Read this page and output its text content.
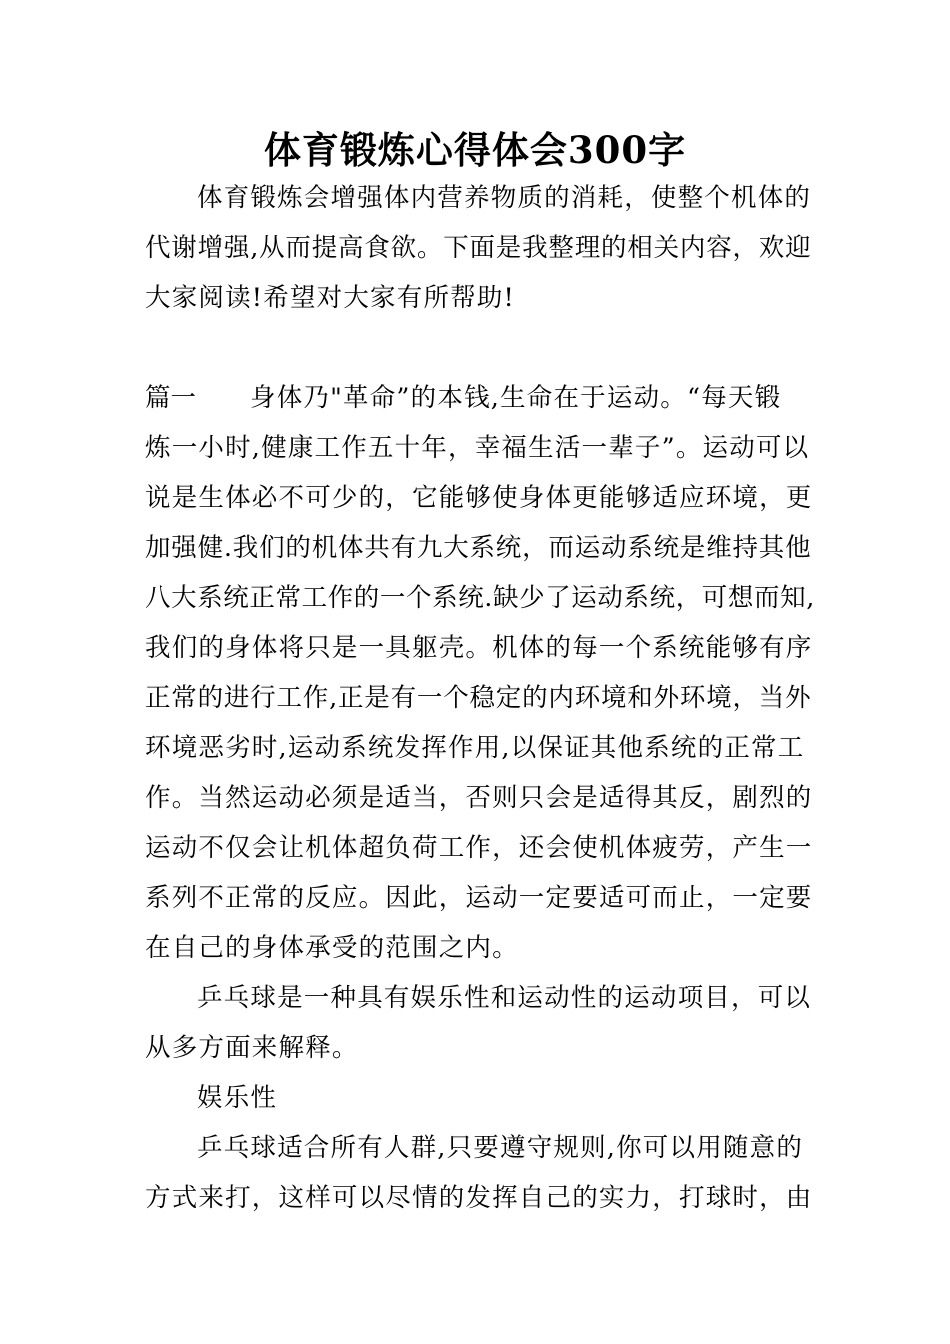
体育锻炼心得体会300字
体育锻炼会增强体内营养物质的消耗，使整个机体的
代谢增强,从而提高食欲。下面是我整理的相关内容，欢迎
大家阅读!希望对大家有所帮助!
篇一 身体乃"革命”的本钱,生命在于运动。“每天锻
炼一小时,健康工作五十年，幸福生活一辈子”。运动可以
说是生体必不可少的，它能够使身体更能够适应环境，更
加强健.我们的机体共有九大系统，而运动系统是维持其他
八大系统正常工作的一个系统.缺少了运动系统，可想而知,
我们的身体将只是一具躯壳。机体的每一个系统能够有序
正常的进行工作,正是有一个稳定的内环境和外环境，当外
环境恶劣时,运动系统发挥作用,以保证其他系统的正常工
作。当然运动必须是适当，否则只会是适得其反，剧烈的
运动不仅会让机体超负荷工作，还会使机体疲劳，产生一
系列不正常的反应。因此，运动一定要适可而止，一定要
在自己的身体承受的范围之内。
乒乓球是一种具有娱乐性和运动性的运动项目，可以
从多方面来解释。
娱乐性
乒乓球适合所有人群,只要遵守规则,你可以用随意的
方式来打，这样可以尽情的发挥自己的实力，打球时，由
